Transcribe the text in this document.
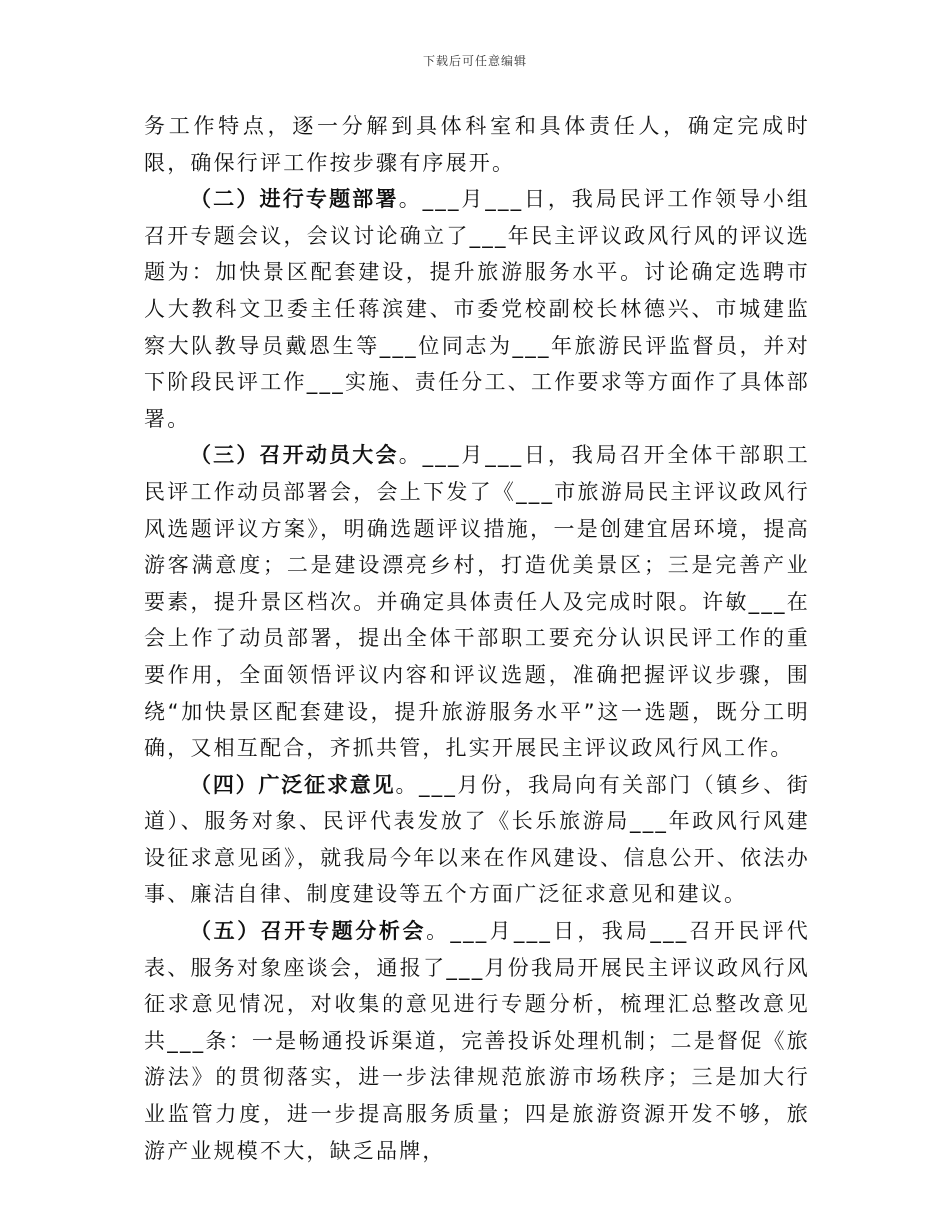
下载后可任意编辑

务工作特点，逐一分解到具体科室和具体责任人，确定完成时限，确保行评工作按步骤有序展开。

（二）进行专题部署。___月___日，我局民评工作领导小组召开专题会议，会议讨论确立了___年民主评议政风行风的评议选题为：加快景区配套建设，提升旅游服务水平。讨论确定选聘市人大教科文卫委主任蒋滨建、市委党校副校长林德兴、市城建监察大队教导员戴恩生等___位同志为___年旅游民评监督员，并对下阶段民评工作___实施、责任分工、工作要求等方面作了具体部署。

（三）召开动员大会。___月___日，我局召开全体干部职工民评工作动员部署会，会上下发了《___市旅游局民主评议政风行风选题评议方案》，明确选题评议措施，一是创建宜居环境，提高游客满意度；二是建设漂亮乡村，打造优美景区；三是完善产业要素，提升景区档次。并确定具体责任人及完成时限。许敏___在会上作了动员部署，提出全体干部职工要充分认识民评工作的重要作用，全面领悟评议内容和评议选题，准确把握评议步骤，围绕“加快景区配套建设，提升旅游服务水平”这一选题，既分工明确，又相互配合，齐抓共管，扎实开展民主评议政风行风工作。

（四）广泛征求意见。___月份，我局向有关部门（镇乡、街道）、服务对象、民评代表发放了《长乐旅游局___年政风行风建设征求意见函》，就我局今年以来在作风建设、信息公开、依法办事、廉洁自律、制度建设等五个方面广泛征求意见和建议。

（五）召开专题分析会。___月___日，我局___召开民评代表、服务对象座谈会，通报了___月份我局开展民主评议政风行风征求意见情况，对收集的意见进行专题分析，梳理汇总整改意见共___条：一是畅通投诉渠道，完善投诉处理机制；二是督促《旅游法》的贯彻落实，进一步法律规范旅游市场秩序；三是加大行业监管力度，进一步提高服务质量；四是旅游资源开发不够，旅游产业规模不大，缺乏品牌，
